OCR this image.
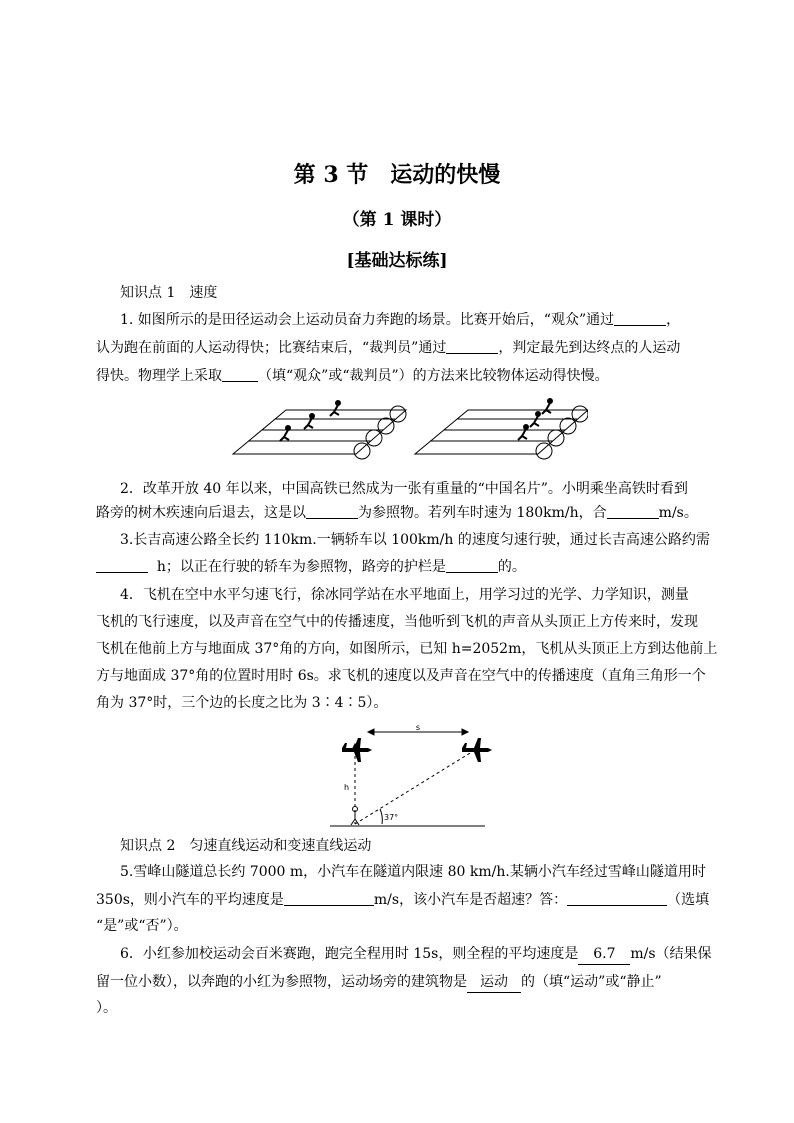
第 3 节　运动的快慢
（第 1 课时）
[基础达标练]
知识点 1　速度
1. 如图所示的是田径运动会上运动员奋力奔跑的场景。比赛开始后，“观众”通过	，
认为跑在前面的人运动得快；比赛结束后，“裁判员”通过	，判定最先到达终点的人运动
得快。物理学上采取	（填“观众”或“裁判员”）的方法来比较物体运动得快慢。
2．改革开放 40 年以来，中国高铁已然成为一张有重量的“中国名片”。小明乘坐高铁时看到
路旁的树木疾速向后退去，这是以	为参照物。若列车时速为 180km/h，合	m/s。
3.长吉高速公路全长约 110km.一辆轿车以 100km/h 的速度匀速行驶，通过长吉高速公路约需
h；以正在行驶的轿车为参照物，路旁的护栏是	的。
4．飞机在空中水平匀速飞行，徐冰同学站在水平地面上，用学习过的光学、力学知识，测量
飞机的飞行速度，以及声音在空气中的传播速度，当他听到飞机的声音从头顶正上方传来时，发现
飞机在他前上方与地面成 37°角的方向，如图所示，已知 h=2052m，飞机从头顶正上方到达他前上
方与地面成 37°角的位置时用时 6s。求飞机的速度以及声音在空气中的传播速度（直角三角形一个
角为 37°时，三个边的长度之比为 3∶4∶5）。
s
h
37°
知识点 2　匀速直线运动和变速直线运动
5.雪峰山隧道总长约 7000 m，小汽车在隧道内限速 80 km/h.某辆小汽车经过雪峰山隧道用时
350s，则小汽车的平均速度是	m/s，该小汽车是否超速？答：	（选填
“是”或“否”）。
6．小红参加校运动会百米赛跑，跑完全程用时 15s，则全程的平均速度是 6.7 m/s（结果保
留一位小数），以奔跑的小红为参照物，运动场旁的建筑物是 运动 的（填“运动”或“静止”
）。
